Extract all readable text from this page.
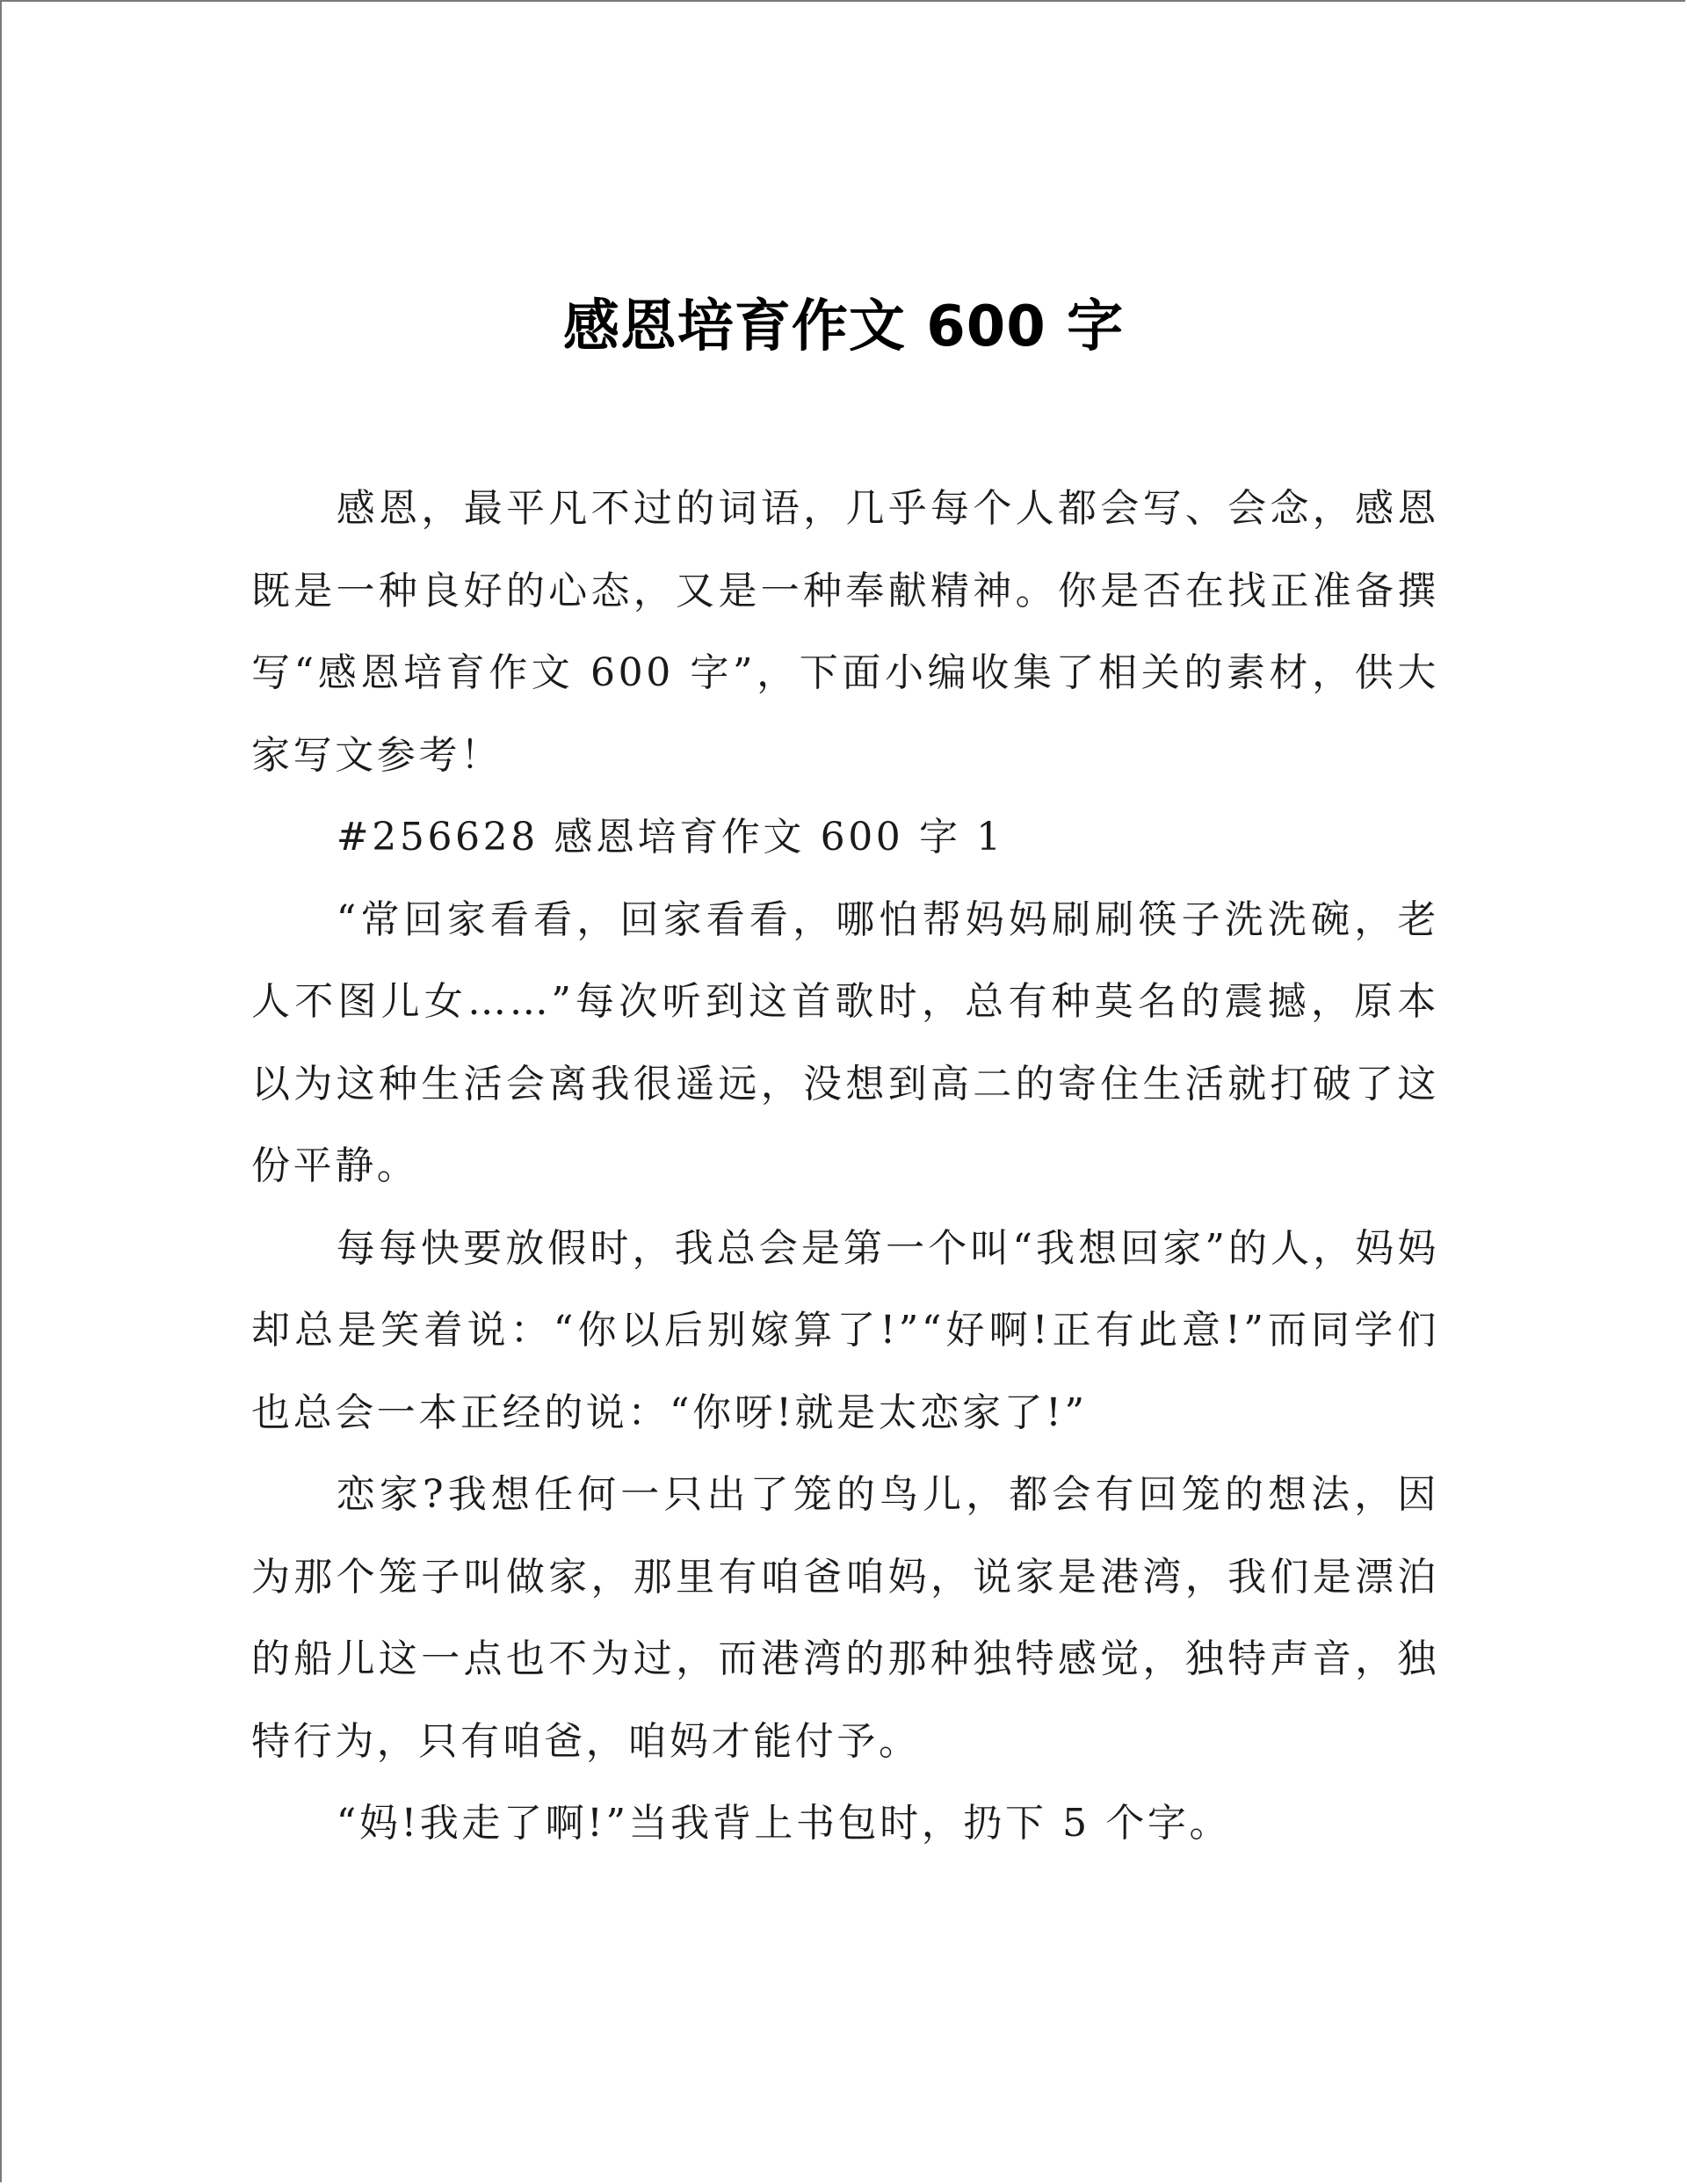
感恩培育作文 600 字

感恩，最平凡不过的词语，几乎每个人都会写、会念，感恩既是一种良好的心态，又是一种奉献精神。你是否在找正准备撰写“感恩培育作文 600 字”，下面小编收集了相关的素材，供大家写文参考！

#256628 感恩培育作文 600 字 1

“常回家看看，回家看看，哪怕帮妈妈刷刷筷子洗洗碗，老人不图儿女……”每次听到这首歌时，总有种莫名的震撼，原本以为这种生活会离我很遥远，没想到高二的寄住生活就打破了这份平静。

每每快要放假时，我总会是第一个叫“我想回家”的人，妈妈却总是笑着说：“你以后别嫁算了!”“好啊!正有此意!”而同学们也总会一本正经的说：“你呀!就是太恋家了!”

恋家?我想任何一只出了笼的鸟儿，都会有回笼的想法，因为那个笼子叫做家，那里有咱爸咱妈，说家是港湾，我们是漂泊的船儿这一点也不为过，而港湾的那种独特感觉，独特声音，独特行为，只有咱爸，咱妈才能付予。

“妈!我走了啊!”当我背上书包时，扔下 5 个字。
